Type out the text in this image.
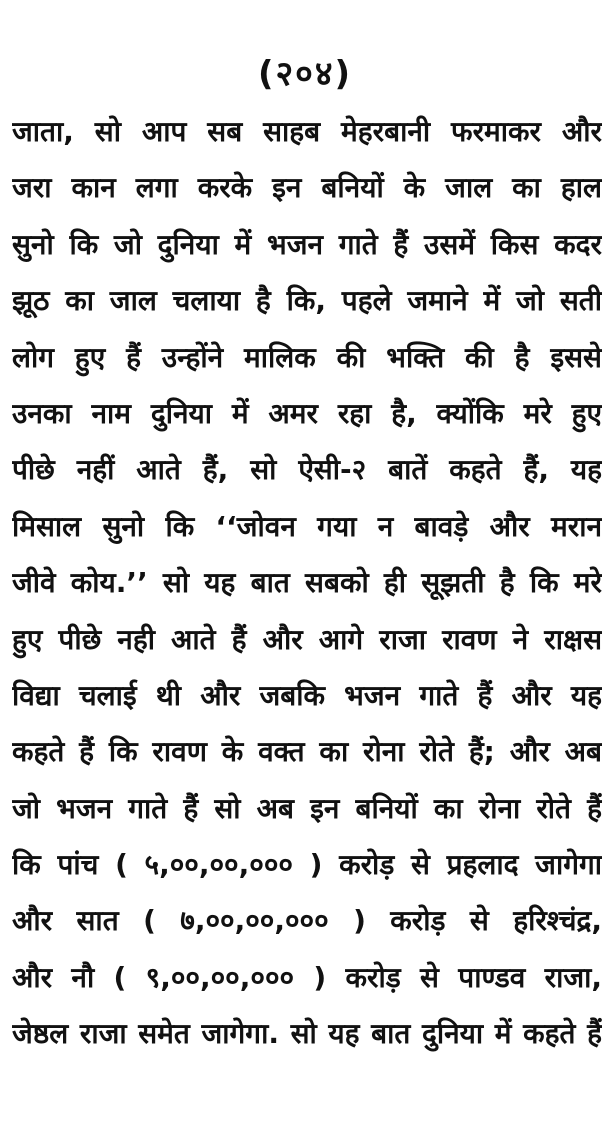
(२०४)
जाता, सो आप सब साहब मेहरबानी फरमाकर और
जरा कान लगा करके इन बनियों के जाल का हाल
सुनो कि जो दुनिया में भजन गाते हैं उसमें किस कदर
झूठ का जाल चलाया है कि, पहले जमाने में जो सती
लोग हुए हैं उन्होंने मालिक की भक्ति की है इससे
उनका नाम दुनिया में अमर रहा है, क्योंकि मरे हुए
पीछे नहीं आते हैं, सो ऐसी-२ बातें कहते हैं, यह
मिसाल सुनो कि ‘‘जोवन गया न बावड़े और मरान
जीवे कोय.’’ सो यह बात सबको ही सूझती है कि मरे
हुए पीछे नही आते हैं और आगे राजा रावण ने राक्षस
विद्या चलाई थी और जबकि भजन गाते हैं और यह
कहते हैं कि रावण के वक्त का रोना रोते हैं; और अब
जो भजन गाते हैं सो अब इन बनियों का रोना रोते हैं
कि पांच ( ५,००,००,००० ) करोड़ से प्रहलाद जागेगा
और सात ( ७,००,००,००० ) करोड़ से हरिश्चंद्र,
और नौ ( ९,००,००,००० ) करोड़ से पाण्डव राजा,
जेष्ठल राजा समेत जागेगा. सो यह बात दुनिया में कहते हैं
